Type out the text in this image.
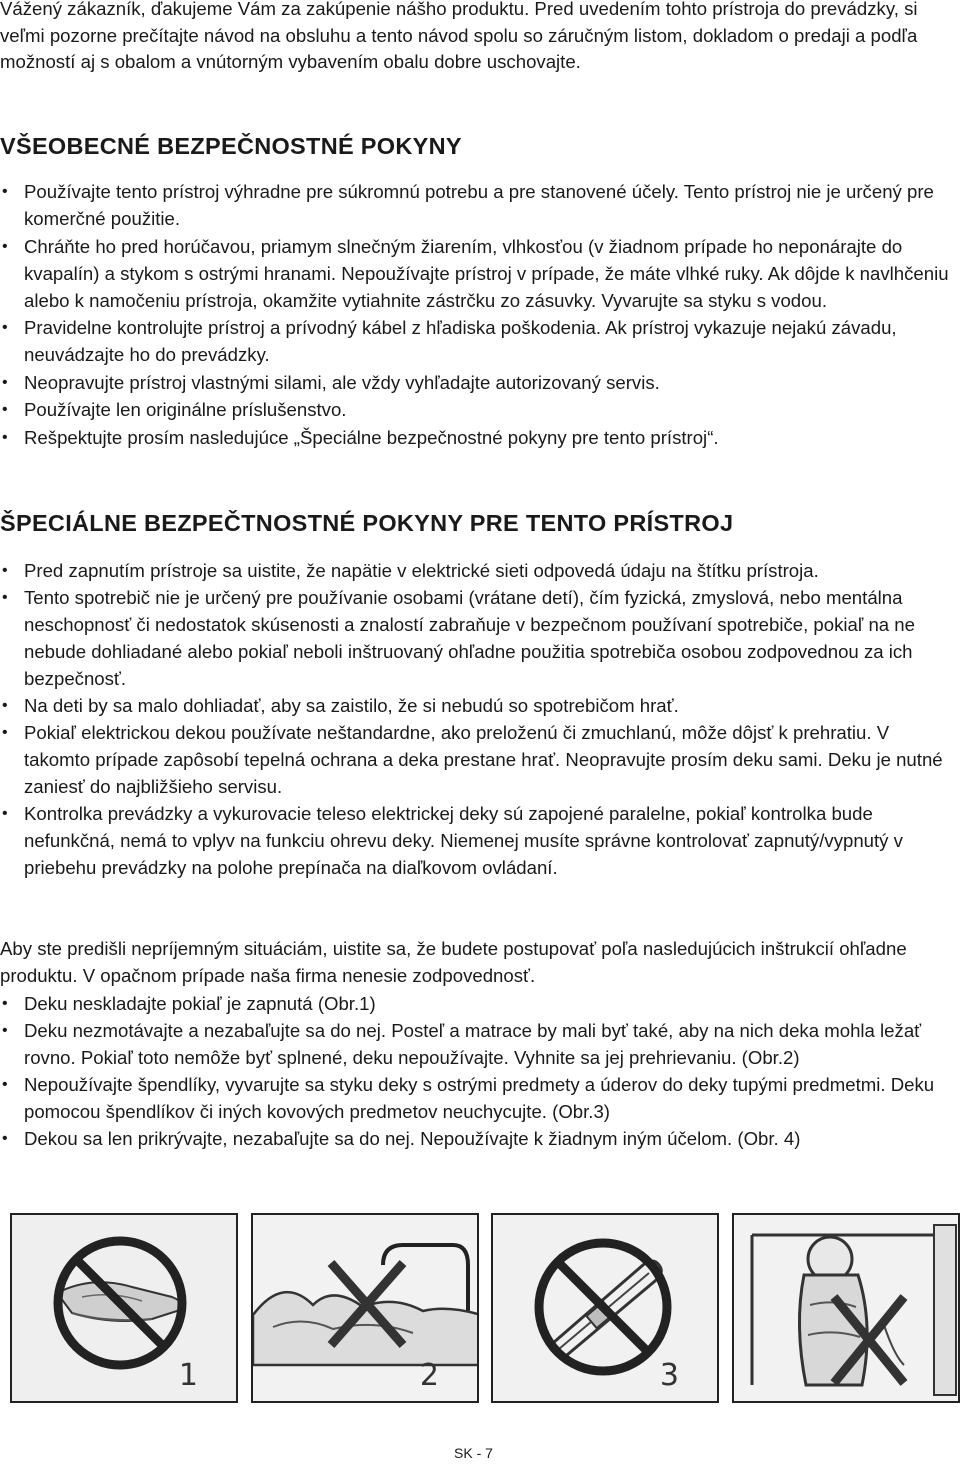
Vážený zákazník, ďakujeme Vám za zakúpenie nášho produktu. Pred uvedením tohto prístroja do prevádzky, si veľmi pozorne prečítajte návod na obsluhu a tento návod spolu so záručným listom, dokladom o predaji a podľa možností aj s obalom a vnútorným vybavením obalu dobre uschovajte.

VŠEOBECNÉ BEZPEČNOSTNÉ POKYNY
• Používajte tento prístroj výhradne pre súkromnú potrebu a pre stanovené účely. Tento prístroj nie je určený pre komerčné použitie.
• Chráňte ho pred horúčavou, priamym slnečným žiarením, vlhkosťou (v žiadnom prípade ho neponárajte do kvapalín) a stykom s ostrými hranami. Nepoužívajte prístroj v prípade, že máte vlhké ruky. Ak dôjde k navlhčeniu alebo k namočeniu prístroja, okamžite vytiahnite zástrčku zo zásuvky. Vyvarujte sa styku s vodou.
• Pravidelne kontrolujte prístroj a prívodný kábel z hľadiska poškodenia. Ak prístroj vykazuje nejakú závadu, neuvádzajte ho do prevádzky.
• Neopravujte prístroj vlastnými silami, ale vždy vyhľadajte autorizovaný servis.
• Používajte len originálne príslušenstvo.
• Rešpektujte prosím nasledujúce „Špeciálne bezpečnostné pokyny pre tento prístroj“.
ŠPECIÁLNE BEZPEČTNOSTNÉ POKYNY PRE TENTO PRÍSTROJ
• Pred zapnutím prístroje sa uistite, že napätie v elektrické sieti odpovedá údaju na štítku prístroja.
• Tento spotrebič nie je určený pre používanie osobami (vrátane detí), čím fyzická, zmyslová, nebo mentálna neschopnosť či nedostatok skúsenosti a znalostí zabraňuje v bezpečnom používaní spotrebiče, pokiaľ na ne nebude dohliadané alebo pokiaľ neboli inštruovaný ohľadne použitia spotrebiča osobou zodpovednou za ich bezpečnosť.
• Na deti by sa malo dohliadať, aby sa zaistilo, že si nebudú so spotrebičom hrať.
• Pokiaľ elektrickou dekou používate neštandardne, ako preloženú či zmuchlanú, môže dôjsť k prehratiu. V takomto prípade zapôsobí tepelná ochrana a deka prestane hrať. Neopravujte prosím deku sami. Deku je nutné zaniesť do najbližšieho servisu.
• Kontrolka prevádzky a vykurovacie teleso elektrickej deky sú zapojené paralelne, pokiaľ kontrolka bude nefunkčná, nemá to vplyv na funkciu ohrevu deky. Niemenej musíte správne kontrolovať zapnutý/vypnutý v priebehu prevádzky na polohe prepínača na diaľkovom ovládaní.

Aby ste predišli nepríjemným situáciám, uistite sa, že budete postupovať poľa nasledujúcich inštrukcií ohľadne produktu. V opačnom prípade naša firma nenesie zodpovednosť.

• Deku neskladajte pokiaľ je zapnutá (Obr.1)
• Deku nezmotávajte a nezabaľujte sa do nej. Posteľ a matrace by mali byť také, aby na nich deka mohla ležať rovno. Pokiaľ toto nemôže byť splnené, deku nepoužívajte. Vyhnite sa jej prehrievaniu. (Obr.2)
• Nepoužívajte špendlíky, vyvarujte sa styku deky s ostrými predmety a úderov do deky tupými predmetmi. Deku pomocou špendlíkov či iných kovových predmetov neuchycujte. (Obr.3)
• Dekou sa len prikrývajte, nezabaľujte sa do nej. Nepoužívajte k žiadnym iným účelom. (Obr. 4)
1	2	3
SK - 7
